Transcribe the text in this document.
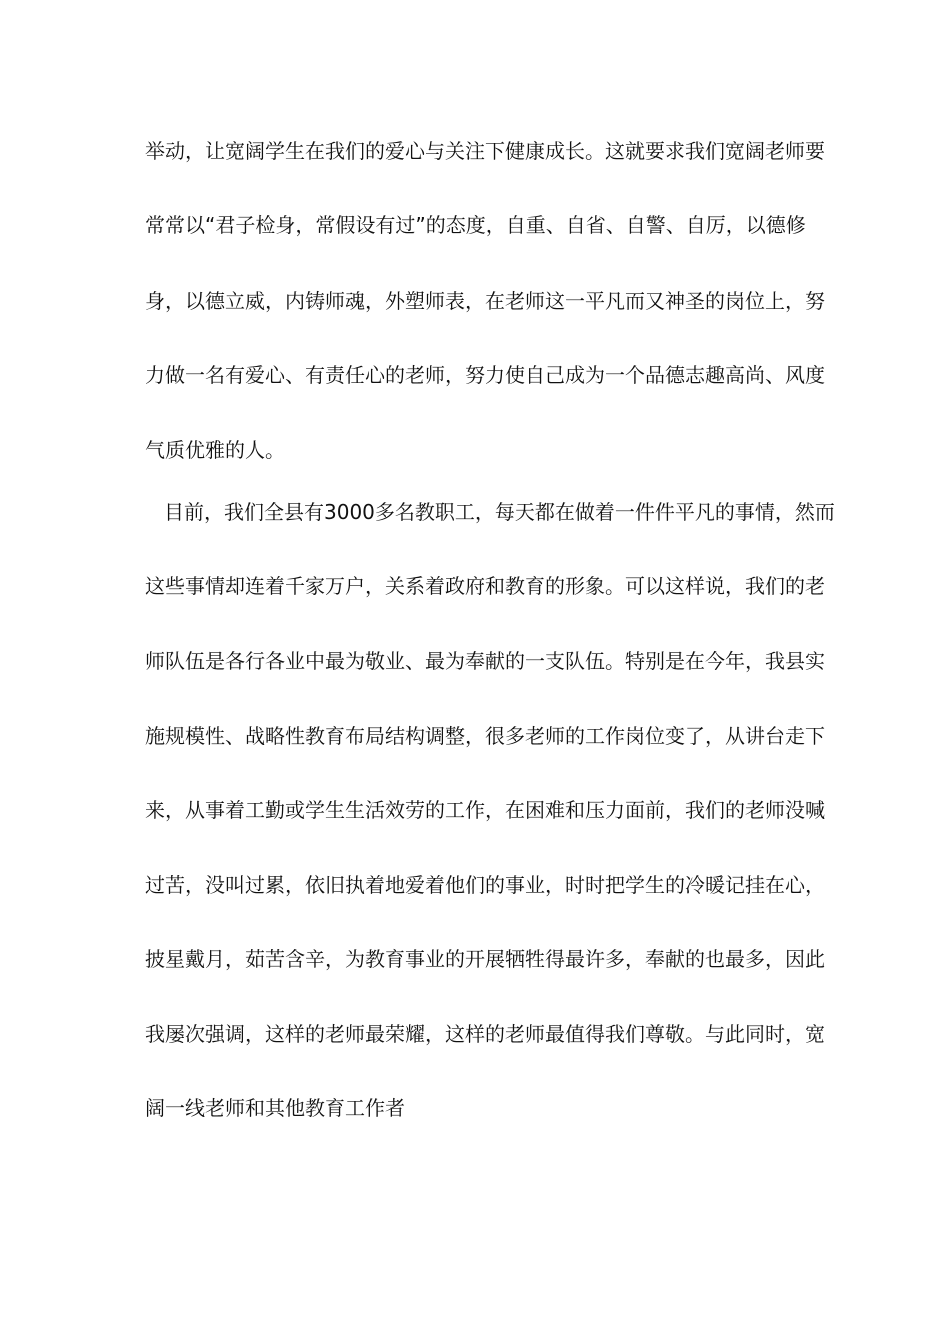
举动，让宽阔学生在我们的爱心与关注下健康成长。这就要求我们宽阔老师要
常常以“君子检身，常假设有过”的态度，自重、自省、自警、自厉，以德修
身，以德立威，内铸师魂，外塑师表，在老师这一平凡而又神圣的岗位上，努
力做一名有爱心、有责任心的老师，努力使自己成为一个品德志趣高尚、风度
气质优雅的人。
目前，我们全县有3000多名教职工，每天都在做着一件件平凡的事情，然而
这些事情却连着千家万户，关系着政府和教育的形象。可以这样说，我们的老
师队伍是各行各业中最为敬业、最为奉献的一支队伍。特别是在今年，我县实
施规模性、战略性教育布局结构调整，很多老师的工作岗位变了，从讲台走下
来，从事着工勤或学生生活效劳的工作，在困难和压力面前，我们的老师没喊
过苦，没叫过累，依旧执着地爱着他们的事业，时时把学生的冷暖记挂在心，
披星戴月，茹苦含辛，为教育事业的开展牺牲得最许多，奉献的也最多，因此
我屡次强调，这样的老师最荣耀，这样的老师最值得我们尊敬。与此同时，宽
阔一线老师和其他教育工作者
